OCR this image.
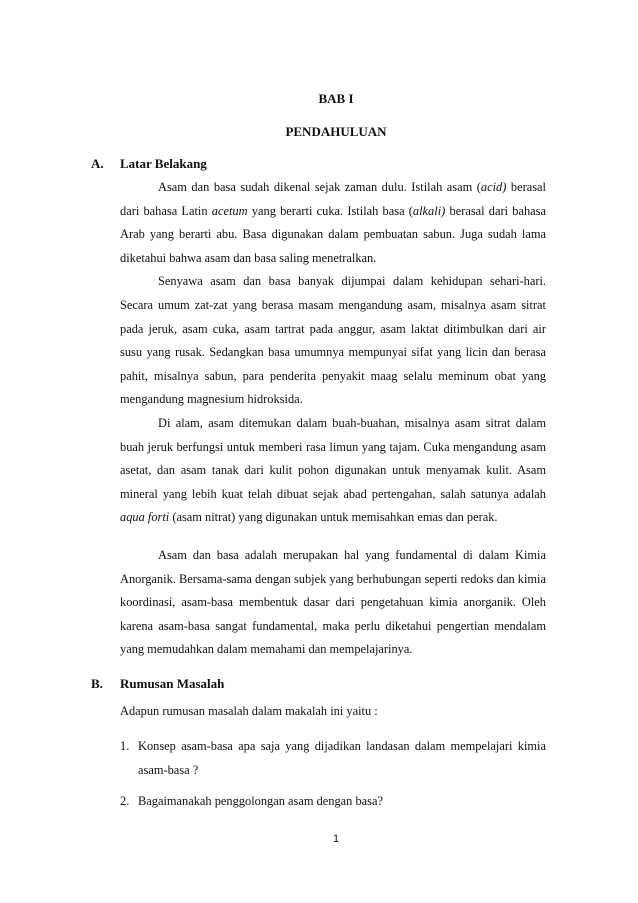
BAB I
PENDAHULUAN
A. Latar Belakang

Asam dan basa sudah dikenal sejak zaman dulu. Istilah asam (acid) berasal dari bahasa Latin acetum yang berarti cuka. Istilah basa (alkali) berasal dari bahasa Arab yang berarti abu. Basa digunakan dalam pembuatan sabun. Juga sudah lama diketahui bahwa asam dan basa saling menetralkan.

Senyawa asam dan basa banyak dijumpai dalam kehidupan sehari-hari. Secara umum zat-zat yang berasa masam mengandung asam, misalnya asam sitrat pada jeruk, asam cuka, asam tartrat pada anggur, asam laktat ditimbulkan dari air susu yang rusak. Sedangkan basa umumnya mempunyai sifat yang licin dan berasa pahit, misalnya sabun, para penderita penyakit maag selalu meminum obat yang mengandung magnesium hidroksida.

Di alam, asam ditemukan dalam buah-buahan, misalnya asam sitrat dalam buah jeruk berfungsi untuk memberi rasa limun yang tajam. Cuka mengandung asam asetat, dan asam tanak dari kulit pohon digunakan untuk menyamak kulit. Asam mineral yang lebih kuat telah dibuat sejak abad pertengahan, salah satunya adalah aqua forti (asam nitrat) yang digunakan untuk memisahkan emas dan perak.

Asam dan basa adalah merupakan hal yang fundamental di dalam Kimia Anorganik. Bersama-sama dengan subjek yang berhubungan seperti redoks dan kimia koordinasi, asam-basa membentuk dasar dari pengetahuan kimia anorganik. Oleh karena asam-basa sangat fundamental, maka perlu diketahui pengertian mendalam yang memudahkan dalam memahami dan mempelajarinya.

B. Rumusan Masalah

Adapun rumusan masalah dalam makalah ini yaitu :

1. Konsep asam-basa apa saja yang dijadikan landasan dalam mempelajari kimia asam-basa ?
2. Bagaimanakah penggolongan asam dengan basa?
1
